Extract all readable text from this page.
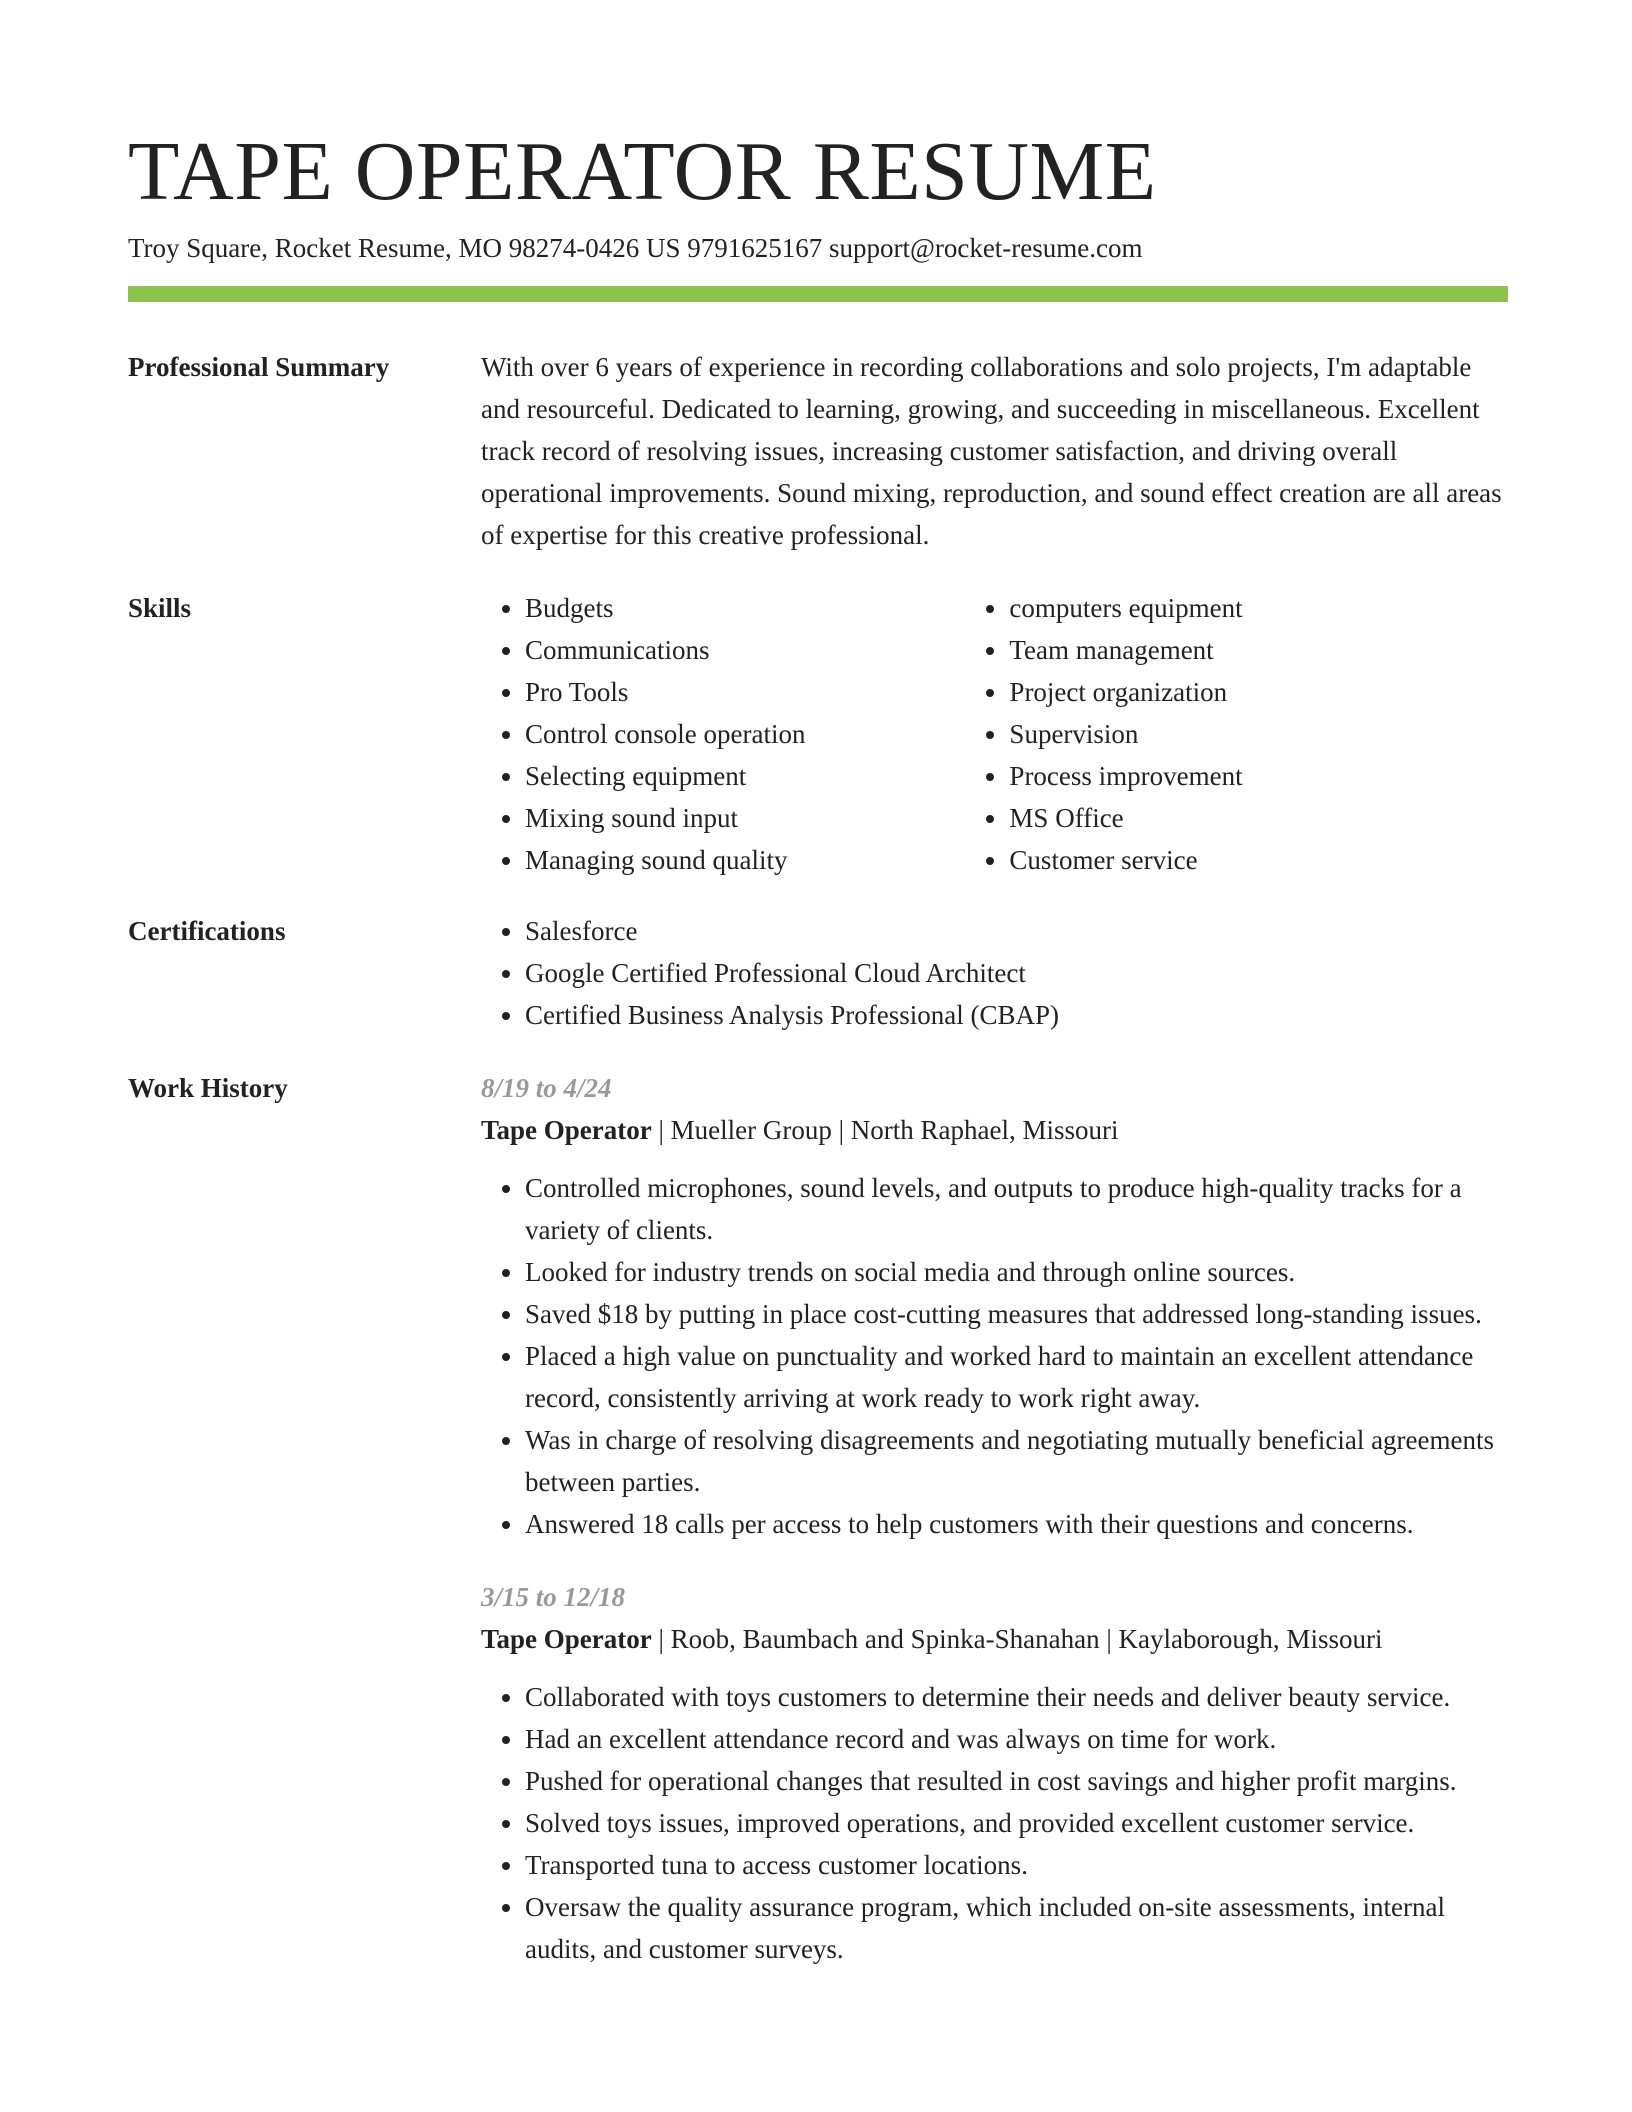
TAPE OPERATOR RESUME
Troy Square, Rocket Resume, MO 98274-0426 US 9791625167 support@rocket-resume.com
Professional Summary	With over 6 years of experience in recording collaborations and solo projects, I'm adaptable and resourceful. Dedicated to learning, growing, and succeeding in miscellaneous. Excellent track record of resolving issues, increasing customer satisfaction, and driving overall operational improvements. Sound mixing, reproduction, and sound effect creation are all areas of expertise for this creative professional.

Skills	• Budgets
• Communications
• Pro Tools
• Control console operation
• Selecting equipment
• Mixing sound input
• Managing sound quality
• computers equipment
• Team management
• Project organization
• Supervision
• Process improvement
• MS Office
• Customer service
Certifications	• Salesforce
• Google Certified Professional Cloud Architect
• Certified Business Analysis Professional (CBAP)
Work History	8/19 to 4/24
Tape Operator | Mueller Group | North Raphael, Missouri
• Controlled microphones, sound levels, and outputs to produce high-quality tracks for a variety of clients.
• Looked for industry trends on social media and through online sources.
• Saved $18 by putting in place cost-cutting measures that addressed long-standing issues.
• Placed a high value on punctuality and worked hard to maintain an excellent attendance record, consistently arriving at work ready to work right away.
• Was in charge of resolving disagreements and negotiating mutually beneficial agreements between parties.
• Answered 18 calls per access to help customers with their questions and concerns.
3/15 to 12/18
Tape Operator | Roob, Baumbach and Spinka-Shanahan | Kaylaborough, Missouri
• Collaborated with toys customers to determine their needs and deliver beauty service.
• Had an excellent attendance record and was always on time for work.
• Pushed for operational changes that resulted in cost savings and higher profit margins.
• Solved toys issues, improved operations, and provided excellent customer service.
• Transported tuna to access customer locations.
• Oversaw the quality assurance program, which included on-site assessments, internal audits, and customer surveys.
